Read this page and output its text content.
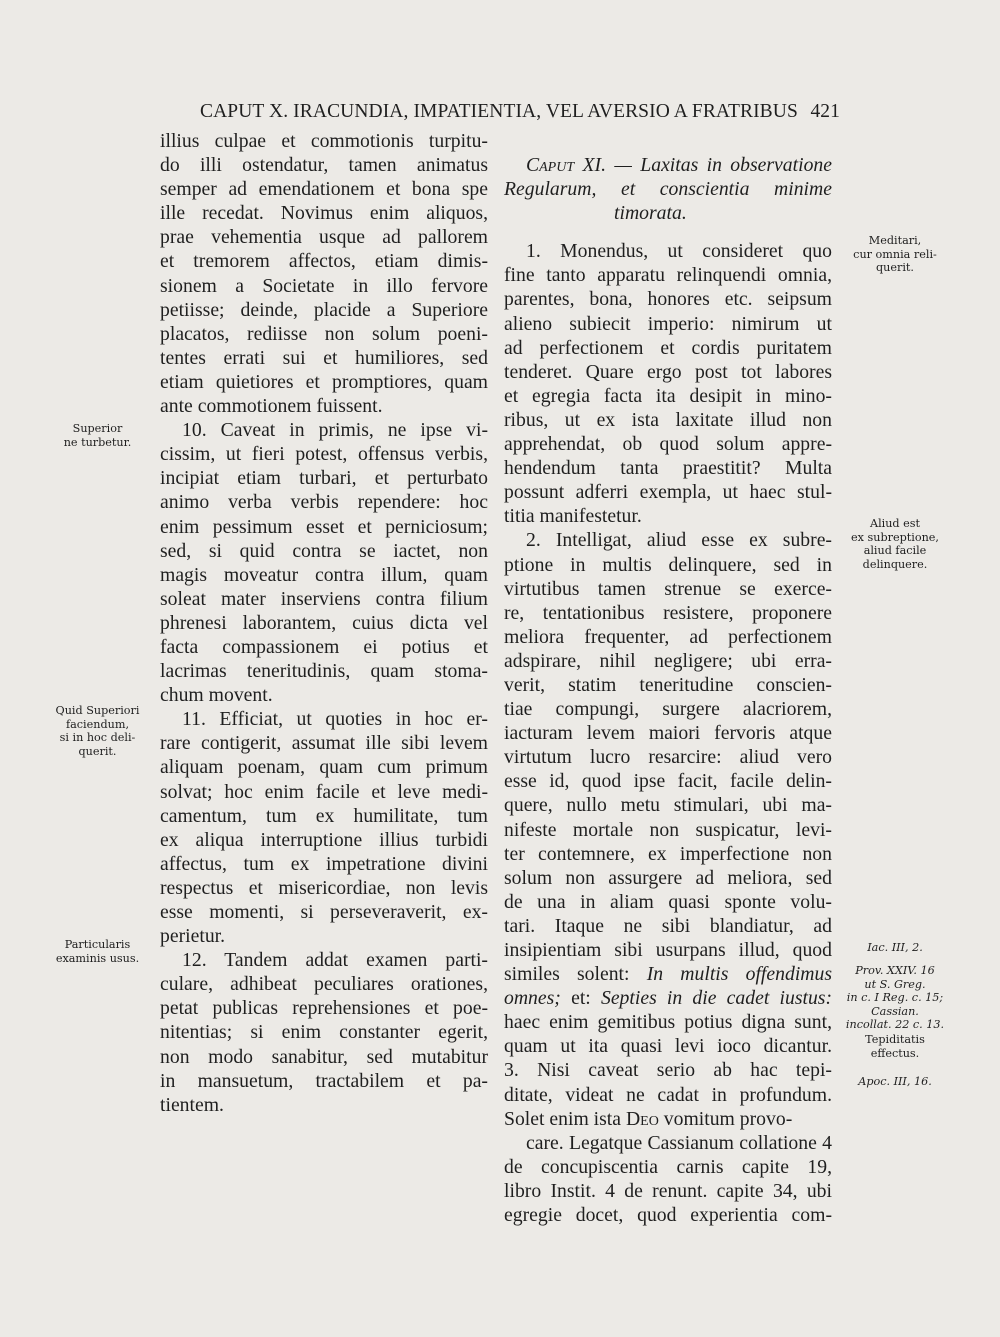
CAPUT X. IRACUNDIA, IMPATIENTIA, VEL AVERSIO A FRATRIBUS 421
Superior
ne turbetur.
Quid Superiori
faciendum,
si in hoc deli-
querit.
Particularis
examinis usus.
illius culpae et commotionis turpitu-
do illi ostendatur, tamen animatus
semper ad emendationem et bona spe
ille recedat. Novimus enim aliquos,
prae vehementia usque ad pallorem
et tremorem affectos, etiam dimis-
sionem a Societate in illo fervore
petiisse; deinde, placide a Superiore
placatos, rediisse non solum poeni-
tentes errati sui et humiliores, sed
etiam quietiores et promptiores, quam
ante commotionem fuissent.
10. Caveat in primis, ne ipse vi-
cissim, ut fieri potest, offensus verbis,
incipiat etiam turbari, et perturbato
animo verba verbis rependere: hoc
enim pessimum esset et perniciosum;
sed, si quid contra se iactet, non
magis moveatur contra illum, quam
soleat mater inserviens contra filium
phrenesi laborantem, cuius dicta vel
facta compassionem ei potius et
lacrimas teneritudinis, quam stoma-
chum movent.
11. Efficiat, ut quoties in hoc er-
rare contigerit, assumat ille sibi levem
aliquam poenam, quam cum primum
solvat; hoc enim facile et leve medi-
camentum, tum ex humilitate, tum
ex aliqua interruptione illius turbidi
affectus, tum ex impetratione divini
respectus et misericordiae, non levis
esse momenti, si perseveraverit, ex-
perietur.
12. Tandem addat examen parti-
culare, adhibeat peculiares orationes,
petat publicas reprehensiones et poe-
nitentias; si enim constanter egerit,
non modo sanabitur, sed mutabitur
in mansuetum, tractabilem et pa-
tientem.
Caput XI. — Laxitas in observatione
Regularum, et conscientia minime
timorata.
1. Monendus, ut consideret quo
fine tanto apparatu relinquendi omnia,
parentes, bona, honores etc. seipsum
alieno subiecit imperio: nimirum ut
ad perfectionem et cordis puritatem
tenderet. Quare ergo post tot labores
et egregia facta ita desipit in mino-
ribus, ut ex ista laxitate illud non
apprehendat, ob quod solum appre-
hendendum tanta praestitit? Multa
possunt adferri exempla, ut haec stul-
titia manifestetur.
2. Intelligat, aliud esse ex subre-
ptione in multis delinquere, sed in
virtutibus tamen strenue se exerce-
re, tentationibus resistere, proponere
meliora frequenter, ad perfectionem
adspirare, nihil negligere; ubi erra-
verit, statim teneritudine conscien-
tiae compungi, surgere alacriorem,
iacturam levem maiori fervoris atque
virtutum lucro resarcire: aliud vero
esse id, quod ipse facit, facile delin-
quere, nullo metu stimulari, ubi ma-
nifeste mortale non suspicatur, levi-
ter contemnere, ex imperfectione non
solum non assurgere ad meliora, sed
de una in aliam quasi sponte volu-
tari. Itaque ne sibi blandiatur, ad
insipientiam sibi usurpans illud, quod
similes solent: In multis offendimus
omnes; et: Septies in die cadet iustus:
haec enim gemitibus potius digna sunt,
quam ut ita quasi levi ioco dicantur.
3. Nisi caveat serio ab hac tepi-
ditate, videat ne cadat in profundum.
Solet enim ista Deo vomitum provo-
care. Legatque Cassianum collatione 4
de concupiscentia carnis capite 19,
libro Instit. 4 de renunt. capite 34, ubi
egregie docet, quod experientia com-
Meditari,
cur omnia reli-
querit.
Aliud est
ex subreptione,
aliud facile
delinquere.
Iac. III, 2.
Prov. XXIV. 16
ut S. Greg.
in c. I Reg. c. 15;
Cassian.
incollat. 22 c. 13.
Tepiditatis
effectus.
Apoc. III, 16.
